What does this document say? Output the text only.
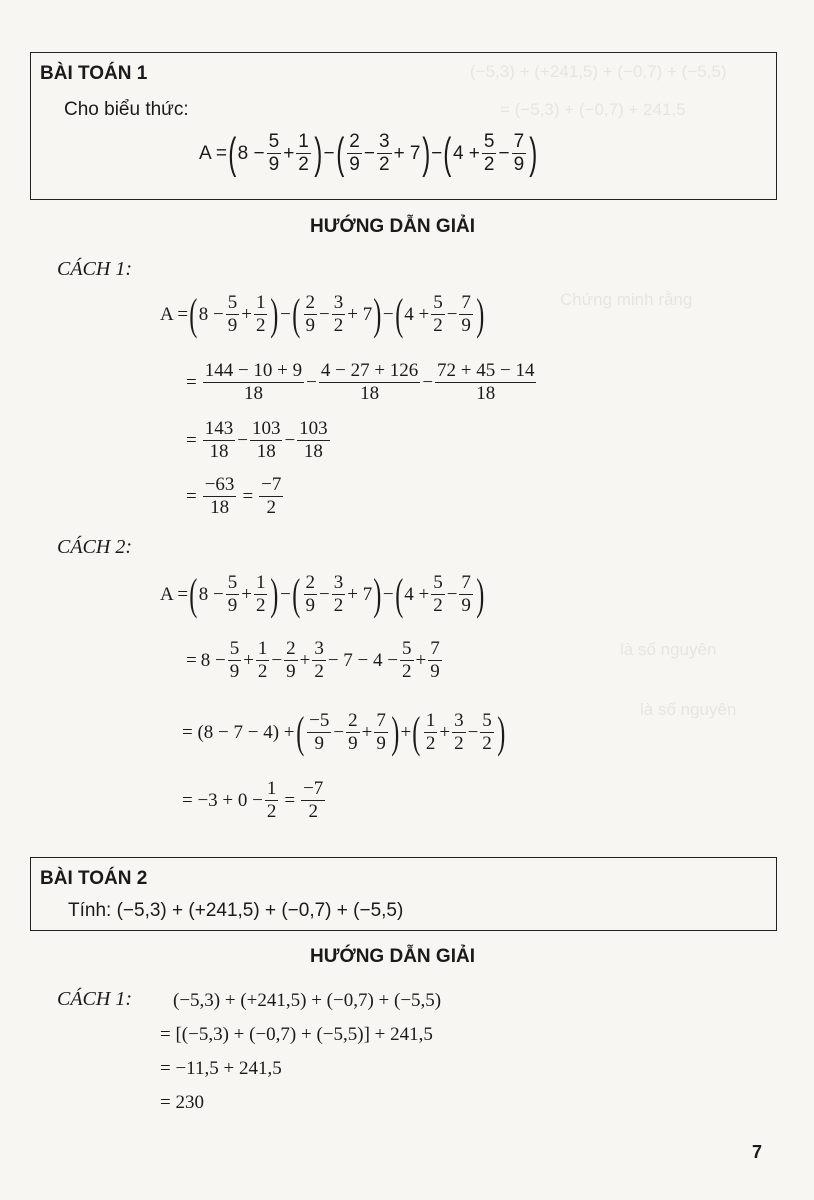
(−5,3) + (+241,5) + (−0,7) + (−5,5)
= (−5,3) + (−0,7) + 241,5
Chứng minh rằng
là số nguyên
là số nguyên
BÀI TOÁN 1
Cho biểu thức:
A = ( $8 - \frac{5}{9} + \frac{1}{2}$ ) − ( $\frac{2}{9} - \frac{3}{2} + 7$ ) − ( $4 + \frac{5}{2} - \frac{7}{9}$ )
HƯỚNG DẪN GIẢI
CÁCH 1:
A = ( $8 - \frac{5}{9} + \frac{1}{2}$ ) − ( $\frac{2}{9} - \frac{3}{2} + 7$ ) − ( $4 + \frac{5}{2} - \frac{7}{9}$ )
= $\frac{144 - 10 + 9}{18} - \frac{4 - 27 + 126}{18} - \frac{72 + 45 - 14}{18}$
= $\frac{143}{18} - \frac{103}{18} - \frac{103}{18}$
= $\frac{-63}{18} = \frac{-7}{2}$
CÁCH 2:
A = ( $8 - \frac{5}{9} + \frac{1}{2}$ ) − ( $\frac{2}{9} - \frac{3}{2} + 7$ ) − ( $4 + \frac{5}{2} - \frac{7}{9}$ )
= $8 - \frac{5}{9} + \frac{1}{2} - \frac{2}{9} + \frac{3}{2} - 7 - 4 - \frac{5}{2} + \frac{7}{9}$
= (8 − 7 − 4) + ( $\frac{-5}{9} - \frac{2}{9} + \frac{7}{9}$ ) + ( $\frac{1}{2} + \frac{3}{2} - \frac{5}{2}$ )
= $-3 + 0 - \frac{1}{2} = \frac{-7}{2}$
BÀI TOÁN 2
Tính: (−5,3) + (+241,5) + (−0,7) + (−5,5)
HƯỚNG DẪN GIẢI
CÁCH 1: (−5,3) + (+241,5) + (−0,7) + (−5,5)
= [(−5,3) + (−0,7) + (−5,5)] + 241,5
= −11,5 + 241,5
= 230
7
